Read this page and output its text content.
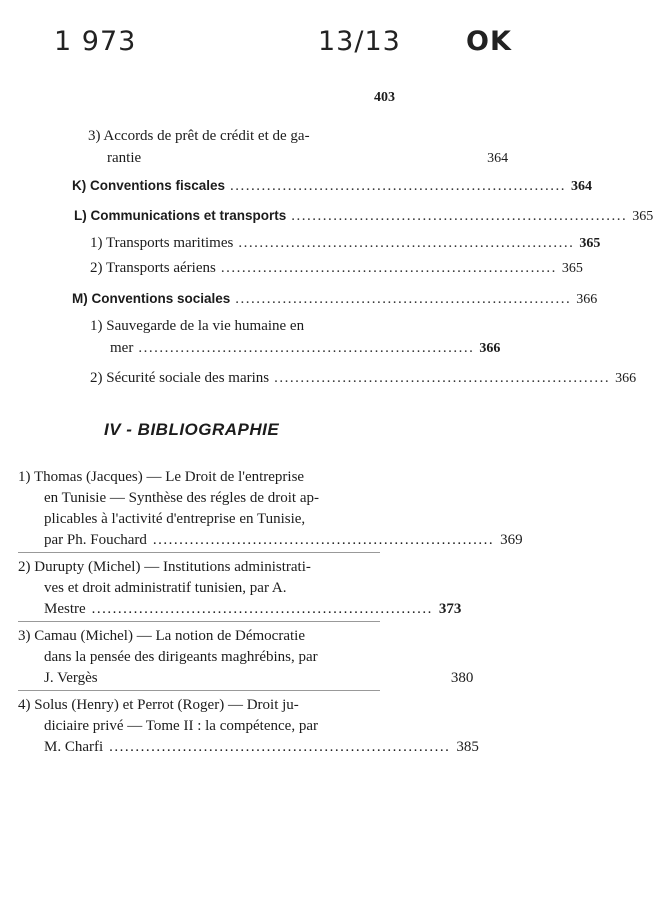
1 973	13/13 OK
403
3) Accords de prêt de crédit et de ga-
rantie	364
K) Conventions fiscales ................................................................ 364
L) Communications et transports ................................................................ 365
1) Transports maritimes ................................................................ 365
2) Transports aériens ................................................................ 365
M) Conventions sociales ................................................................ 366
1) Sauvegarde de la vie humaine en
mer ................................................................ 366
2) Sécurité sociale des marins ................................................................ 366
IV - BIBLIOGRAPHIE
1) Thomas (Jacques) — Le Droit de l'entreprise
en Tunisie — Synthèse des régles de droit ap-
plicables à l'activité d'entreprise en Tunisie,
par Ph. Fouchard ................................................................. 369
2) Durupty (Michel) — Institutions administrati-
ves et droit administratif tunisien, par A.
Mestre ................................................................. 373
3) Camau (Michel) — La notion de Démocratie
dans la pensée des dirigeants maghrébins, par
J. Vergès	380
4) Solus (Henry) et Perrot (Roger) — Droit ju-
diciaire privé — Tome II : la compétence, par
M. Charfi ................................................................. 385
